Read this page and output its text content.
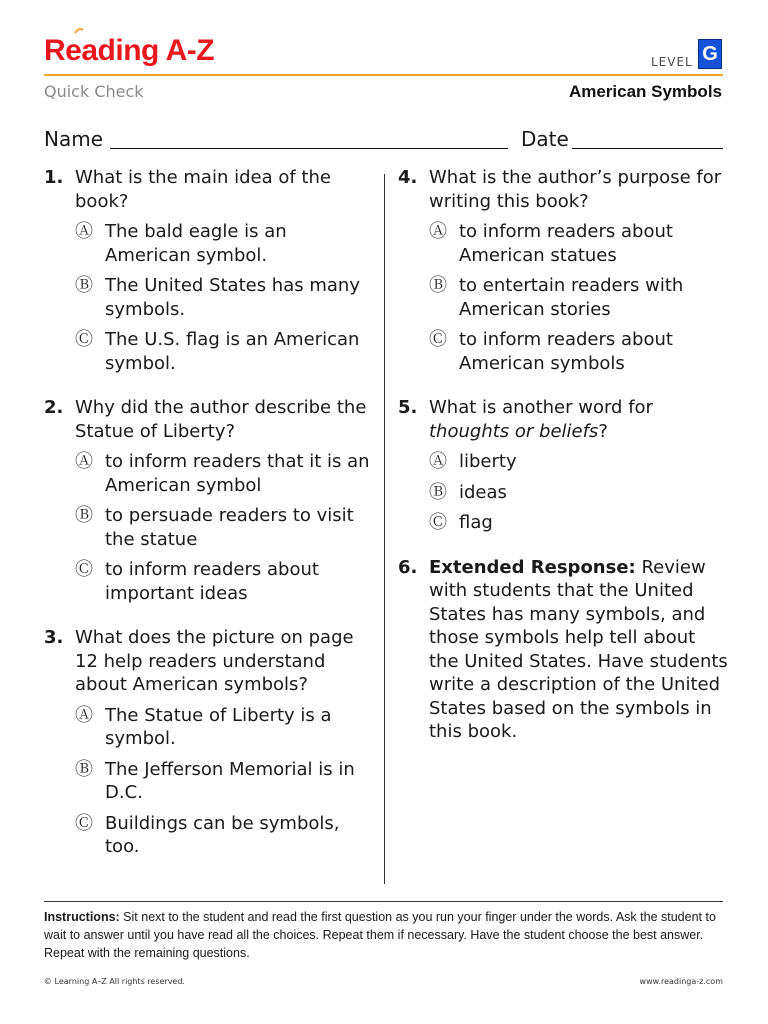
Reading A-Z	LEVEL G
Quick Check	American Symbols
Name	Date
1. What is the main idea of the book?
Ⓐ The bald eagle is an American symbol.
Ⓑ The United States has many symbols.
Ⓒ The U.S. flag is an American symbol.
2. Why did the author describe the Statue of Liberty?
Ⓐ to inform readers that it is an American symbol
Ⓑ to persuade readers to visit the statue
Ⓒ to inform readers about important ideas
3. What does the picture on page 12 help readers understand about American symbols?
Ⓐ The Statue of Liberty is a symbol.
Ⓑ The Jefferson Memorial is in D.C.
Ⓒ Buildings can be symbols, too.
4. What is the author’s purpose for writing this book?
Ⓐ to inform readers about American statues
Ⓑ to entertain readers with American stories
Ⓒ to inform readers about American symbols
5. What is another word for thoughts or beliefs?
Ⓐ liberty
Ⓑ ideas
Ⓒ flag
6. Extended Response: Review with students that the United States has many symbols, and those symbols help tell about the United States. Have students write a description of the United States based on the symbols in this book.
Instructions: Sit next to the student and read the first question as you run your finger under the words. Ask the student to wait to answer until you have read all the choices. Repeat them if necessary. Have the student choose the best answer. Repeat with the remaining questions.
© Learning A–Z All rights reserved.	www.readinga-z.com
